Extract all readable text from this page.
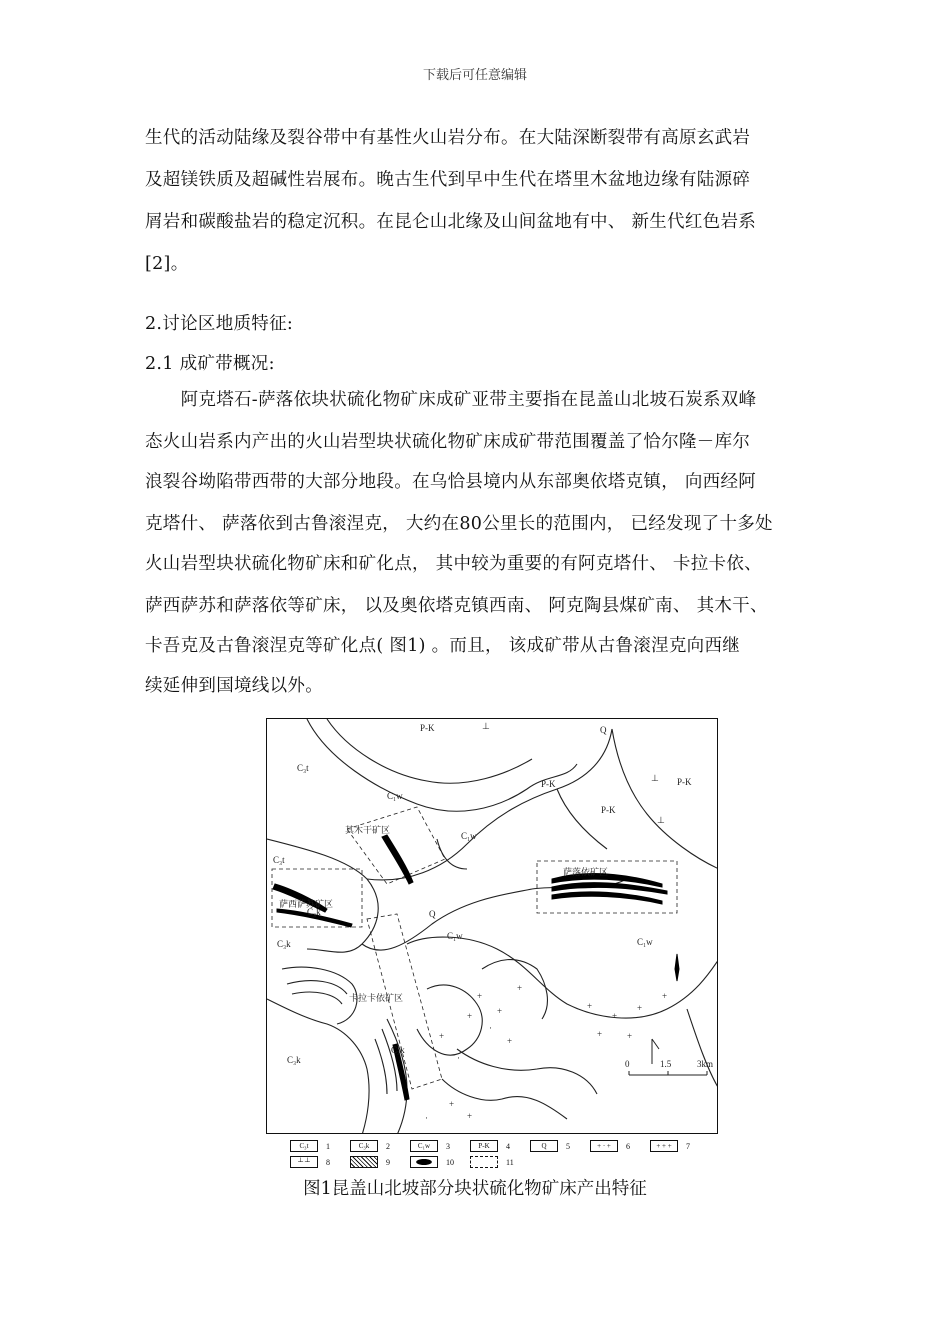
下载后可任意编辑
生代的活动陆缘及裂谷带中有基性火山岩分布。在大陆深断裂带有高原玄武岩
及超镁铁质及超碱性岩展布。晚古生代到早中生代在塔里木盆地边缘有陆源碎
屑岩和碳酸盐岩的稳定沉积。在昆仑山北缘及山间盆地有中、 新生代红色岩系
[2]。
2.讨论区地质特征:
2.1 成矿带概况:
　　阿克塔石-萨落依块状硫化物矿床成矿亚带主要指在昆盖山北坡石炭系双峰
态火山岩系内产出的火山岩型块状硫化物矿床成矿带范围覆盖了恰尔隆－库尔
浪裂谷坳陷带西带的大部分地段。在乌恰县境内从东部奥依塔克镇， 向西经阿
克塔什、 萨落依到古鲁滚涅克， 大约在80公里长的范围内， 已经发现了十多处
火山岩型块状硫化物矿床和矿化点， 其中较为重要的有阿克塔什、 卡拉卡依、
萨西萨苏和萨落依等矿床， 以及奥依塔克镇西南、 阿克陶县煤矿南、 其木干、
卡吾克及古鲁滚涅克等矿化点( 图1) 。而且， 该成矿带从古鲁滚涅克向西继
续延伸到国境线以外。
+
+
+
·
+
+
+
+
+
+
+	+
+
·
+
+
·
⊥
⊥
⊥
P-K	Q
P-K
P-K
P-K
C₃t
C₃t
C₁w
C₁w
C₁w
C₁w
Q
C₃k
C₃k
C₃k
C₃k
其木干矿区
萨落依矿区
萨西萨苏矿区
卡拉卡依矿区
0	1.5	3km
C₃t 1	C₃k 2	C₁w 3	P-K 4	Q 5	+ · + 6	+ + + 7
┴ ┴ 8	9	10	11
图1昆盖山北坡部分块状硫化物矿床产出特征
